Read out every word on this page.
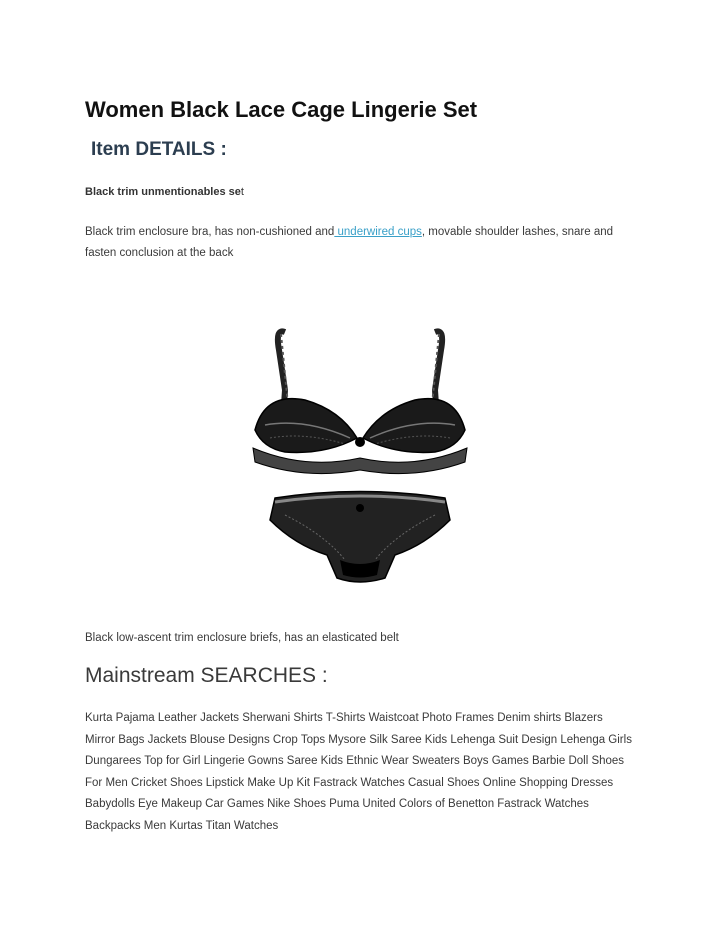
Women Black Lace Cage Lingerie Set
Item DETAILS :
Black trim unmentionables set
Black trim enclosure bra, has non-cushioned and underwired cups, movable shoulder lashes, snare and fasten conclusion at the back
Black low-ascent trim enclosure briefs, has an elasticated belt
Mainstream SEARCHES :
Kurta Pajama Leather Jackets Sherwani Shirts T-Shirts Waistcoat Photo Frames Denim shirts Blazers Mirror Bags Jackets Blouse Designs Crop Tops Mysore Silk Saree Kids Lehenga Suit Design Lehenga Girls Dungarees Top for Girl Lingerie Gowns Saree Kids Ethnic Wear Sweaters Boys Games Barbie Doll Shoes For Men Cricket Shoes Lipstick Make Up Kit Fastrack Watches Casual Shoes Online Shopping Dresses Babydolls Eye Makeup Car Games Nike Shoes Puma United Colors of Benetton Fastrack Watches Backpacks Men Kurtas Titan Watches
